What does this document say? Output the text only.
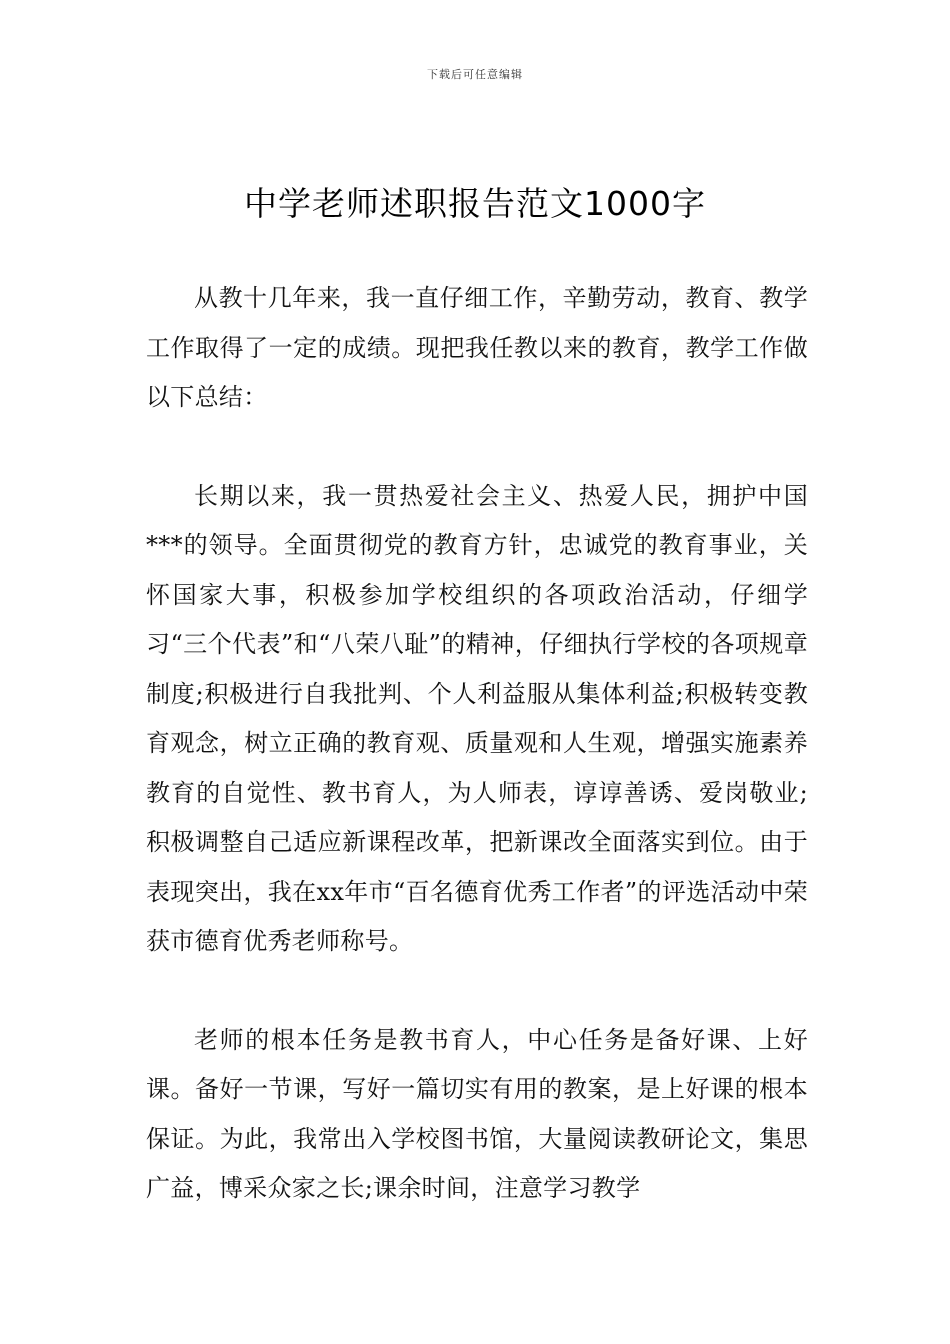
下载后可任意编辑
中学老师述职报告范文1000字

从教十几年来，我一直仔细工作，辛勤劳动，教育、教学工作取得了一定的成绩。现把我任教以来的教育，教学工作做以下总结：

长期以来，我一贯热爱社会主义、热爱人民，拥护中国***的领导。全面贯彻党的教育方针，忠诚党的教育事业，关怀国家大事，积极参加学校组织的各项政治活动，仔细学习“三个代表”和“八荣八耻”的精神，仔细执行学校的各项规章制度;积极进行自我批判、个人利益服从集体利益;积极转变教育观念，树立正确的教育观、质量观和人生观，增强实施素养教育的自觉性、教书育人，为人师表，谆谆善诱、爱岗敬业;积极调整自己适应新课程改革，把新课改全面落实到位。由于表现突出，我在xx年市“百名德育优秀工作者”的评选活动中荣获市德育优秀老师称号。

老师的根本任务是教书育人，中心任务是备好课、上好课。备好一节课，写好一篇切实有用的教案，是上好课的根本保证。为此，我常出入学校图书馆，大量阅读教研论文，集思广益，博采众家之长;课余时间，注意学习教学
